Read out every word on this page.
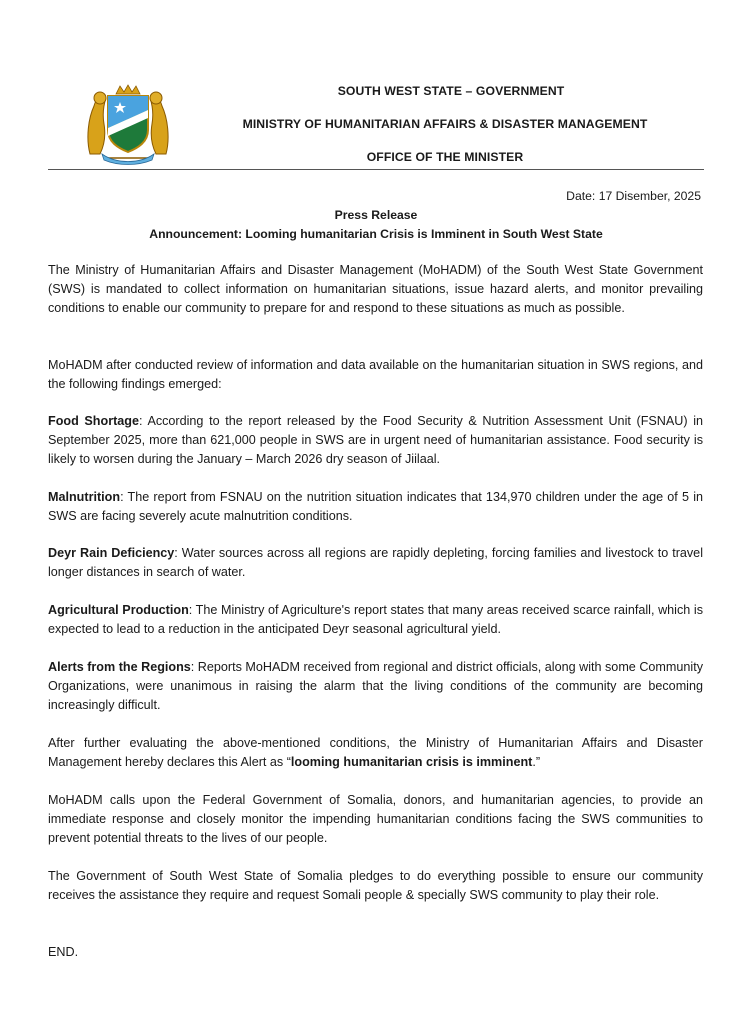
SOUTH WEST STATE – GOVERNMENT
MINISTRY OF HUMANITARIAN AFFAIRS & DISASTER MANAGEMENT
OFFICE OF THE MINISTER
Date: 17 Disember, 2025
Press Release
Announcement: Looming humanitarian Crisis is Imminent in South West State

The Ministry of Humanitarian Affairs and Disaster Management (MoHADM) of the South West State Government (SWS) is mandated to collect information on humanitarian situations, issue hazard alerts, and monitor prevailing conditions to enable our community to prepare for and respond to these situations as much as possible.

MoHADM after conducted review of information and data available on the humanitarian situation in SWS regions, and the following findings emerged:

Food Shortage: According to the report released by the Food Security & Nutrition Assessment Unit (FSNAU) in September 2025, more than 621,000 people in SWS are in urgent need of humanitarian assistance. Food security is likely to worsen during the January – March 2026 dry season of Jiilaal.

Malnutrition: The report from FSNAU on the nutrition situation indicates that 134,970 children under the age of 5 in SWS are facing severely acute malnutrition conditions.

Deyr Rain Deficiency: Water sources across all regions are rapidly depleting, forcing families and livestock to travel longer distances in search of water.

Agricultural Production: The Ministry of Agriculture's report states that many areas received scarce rainfall, which is expected to lead to a reduction in the anticipated Deyr seasonal agricultural yield.

Alerts from the Regions: Reports MoHADM received from regional and district officials, along with some Community Organizations, were unanimous in raising the alarm that the living conditions of the community are becoming increasingly difficult.

After further evaluating the above-mentioned conditions, the Ministry of Humanitarian Affairs and Disaster Management hereby declares this Alert as “looming humanitarian crisis is imminent.”

MoHADM calls upon the Federal Government of Somalia, donors, and humanitarian agencies, to provide an immediate response and closely monitor the impending humanitarian conditions facing the SWS communities to prevent potential threats to the lives of our people.

The Government of South West State of Somalia pledges to do everything possible to ensure our community receives the assistance they require and request Somali people & specially SWS community to play their role.

END.
